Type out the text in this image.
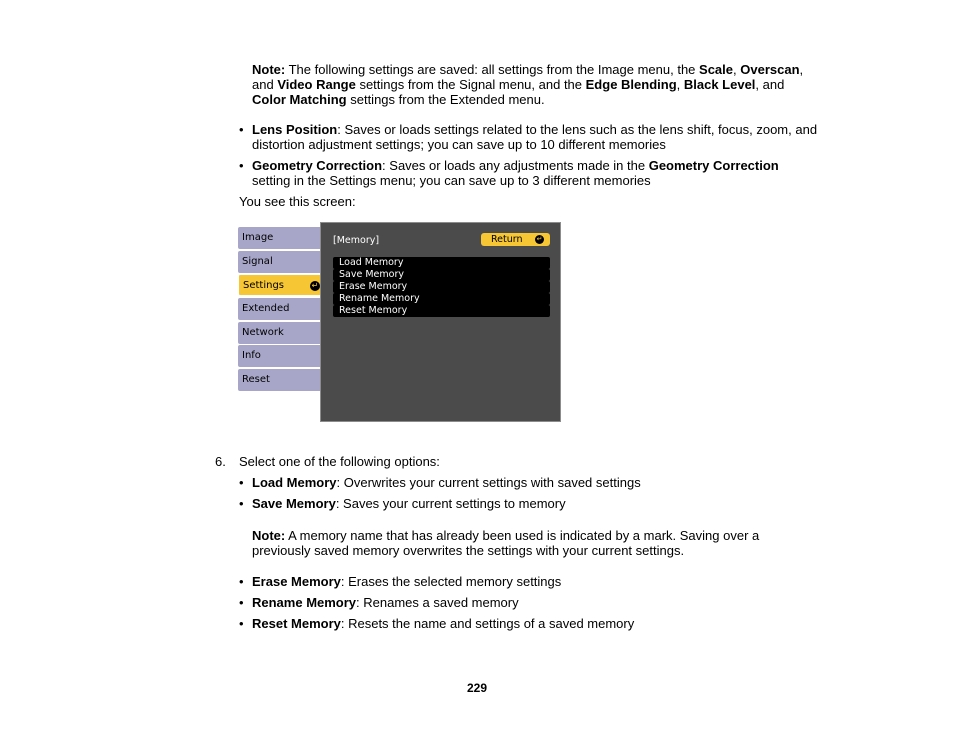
Note: The following settings are saved: all settings from the Image menu, the Scale, Overscan,
and Video Range settings from the Signal menu, and the Edge Blending, Black Level, and
Color Matching settings from the Extended menu.
• Lens Position: Saves or loads settings related to the lens such as the lens shift, focus, zoom, and
distortion adjustment settings; you can save up to 10 different memories
• Geometry Correction: Saves or loads any adjustments made in the Geometry Correction
setting in the Settings menu; you can save up to 3 different memories
You see this screen:
Image
Signal
Settings	↵
Extended
Network
Info
Reset
[Memory]	Return ↵
Load Memory
Save Memory
Erase Memory
Rename Memory
Reset Memory
6. Select one of the following options:
• Load Memory: Overwrites your current settings with saved settings
• Save Memory: Saves your current settings to memory
Note: A memory name that has already been used is indicated by a mark. Saving over a
previously saved memory overwrites the settings with your current settings.
• Erase Memory: Erases the selected memory settings
• Rename Memory: Renames a saved memory
• Reset Memory: Resets the name and settings of a saved memory
229
